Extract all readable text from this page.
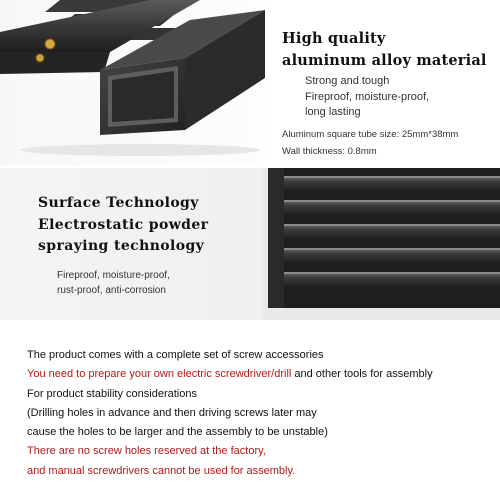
High quality
aluminum alloy material
Strong and tough
Fireproof, moisture-proof,
long lasting
Aluminum square tube size: 25mm*38mm
Wall thickness: 0.8mm
Surface Technology
Electrostatic powder
spraying technology
Fireproof, moisture-proof,
rust-proof, anti-corrosion
The product comes with a complete set of screw accessories
You need to prepare your own electric screwdriver/drill and other tools for assembly
For product stability considerations
(Drilling holes in advance and then driving screws later may
cause the holes to be larger and the assembly to be unstable)
There are no screw holes reserved at the factory,
and manual screwdrivers cannot be used for assembly.
